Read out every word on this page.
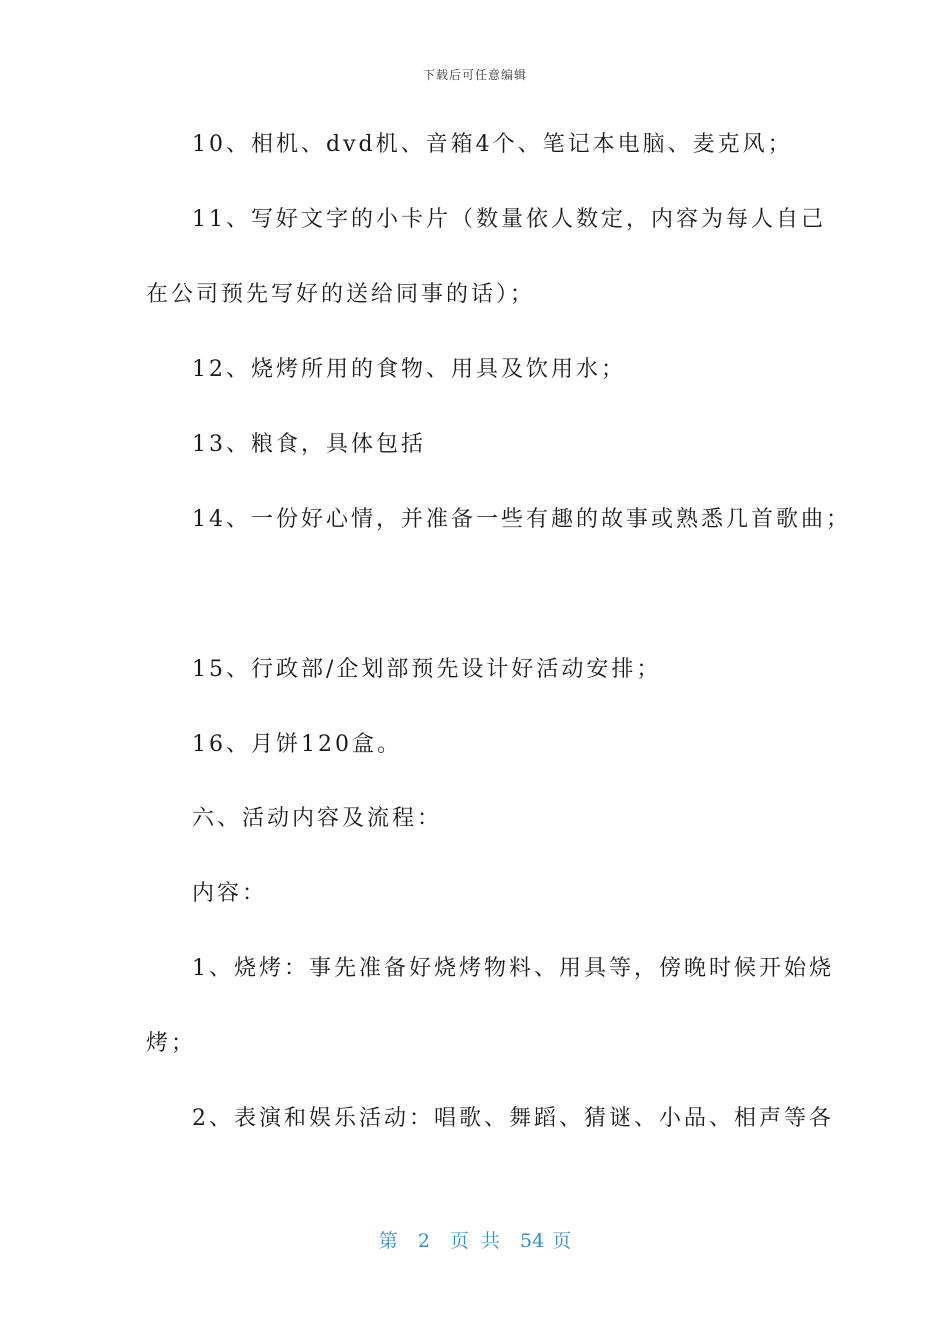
下载后可任意编辑
10、相机、dvd机、音箱4个、笔记本电脑、麦克风；
11、写好文字的小卡片（数量依人数定，内容为每人自己
在公司预先写好的送给同事的话）；
12、烧烤所用的食物、用具及饮用水；
13、粮食，具体包括
14、一份好心情，并准备一些有趣的故事或熟悉几首歌曲；
15、行政部/企划部预先设计好活动安排；
16、月饼120盒。
六、活动内容及流程：
内容：
1、烧烤：事先准备好烧烤物料、用具等，傍晚时候开始烧
烤；
2、表演和娱乐活动：唱歌、舞蹈、猜谜、小品、相声等各
第 2 页 共 54 页
